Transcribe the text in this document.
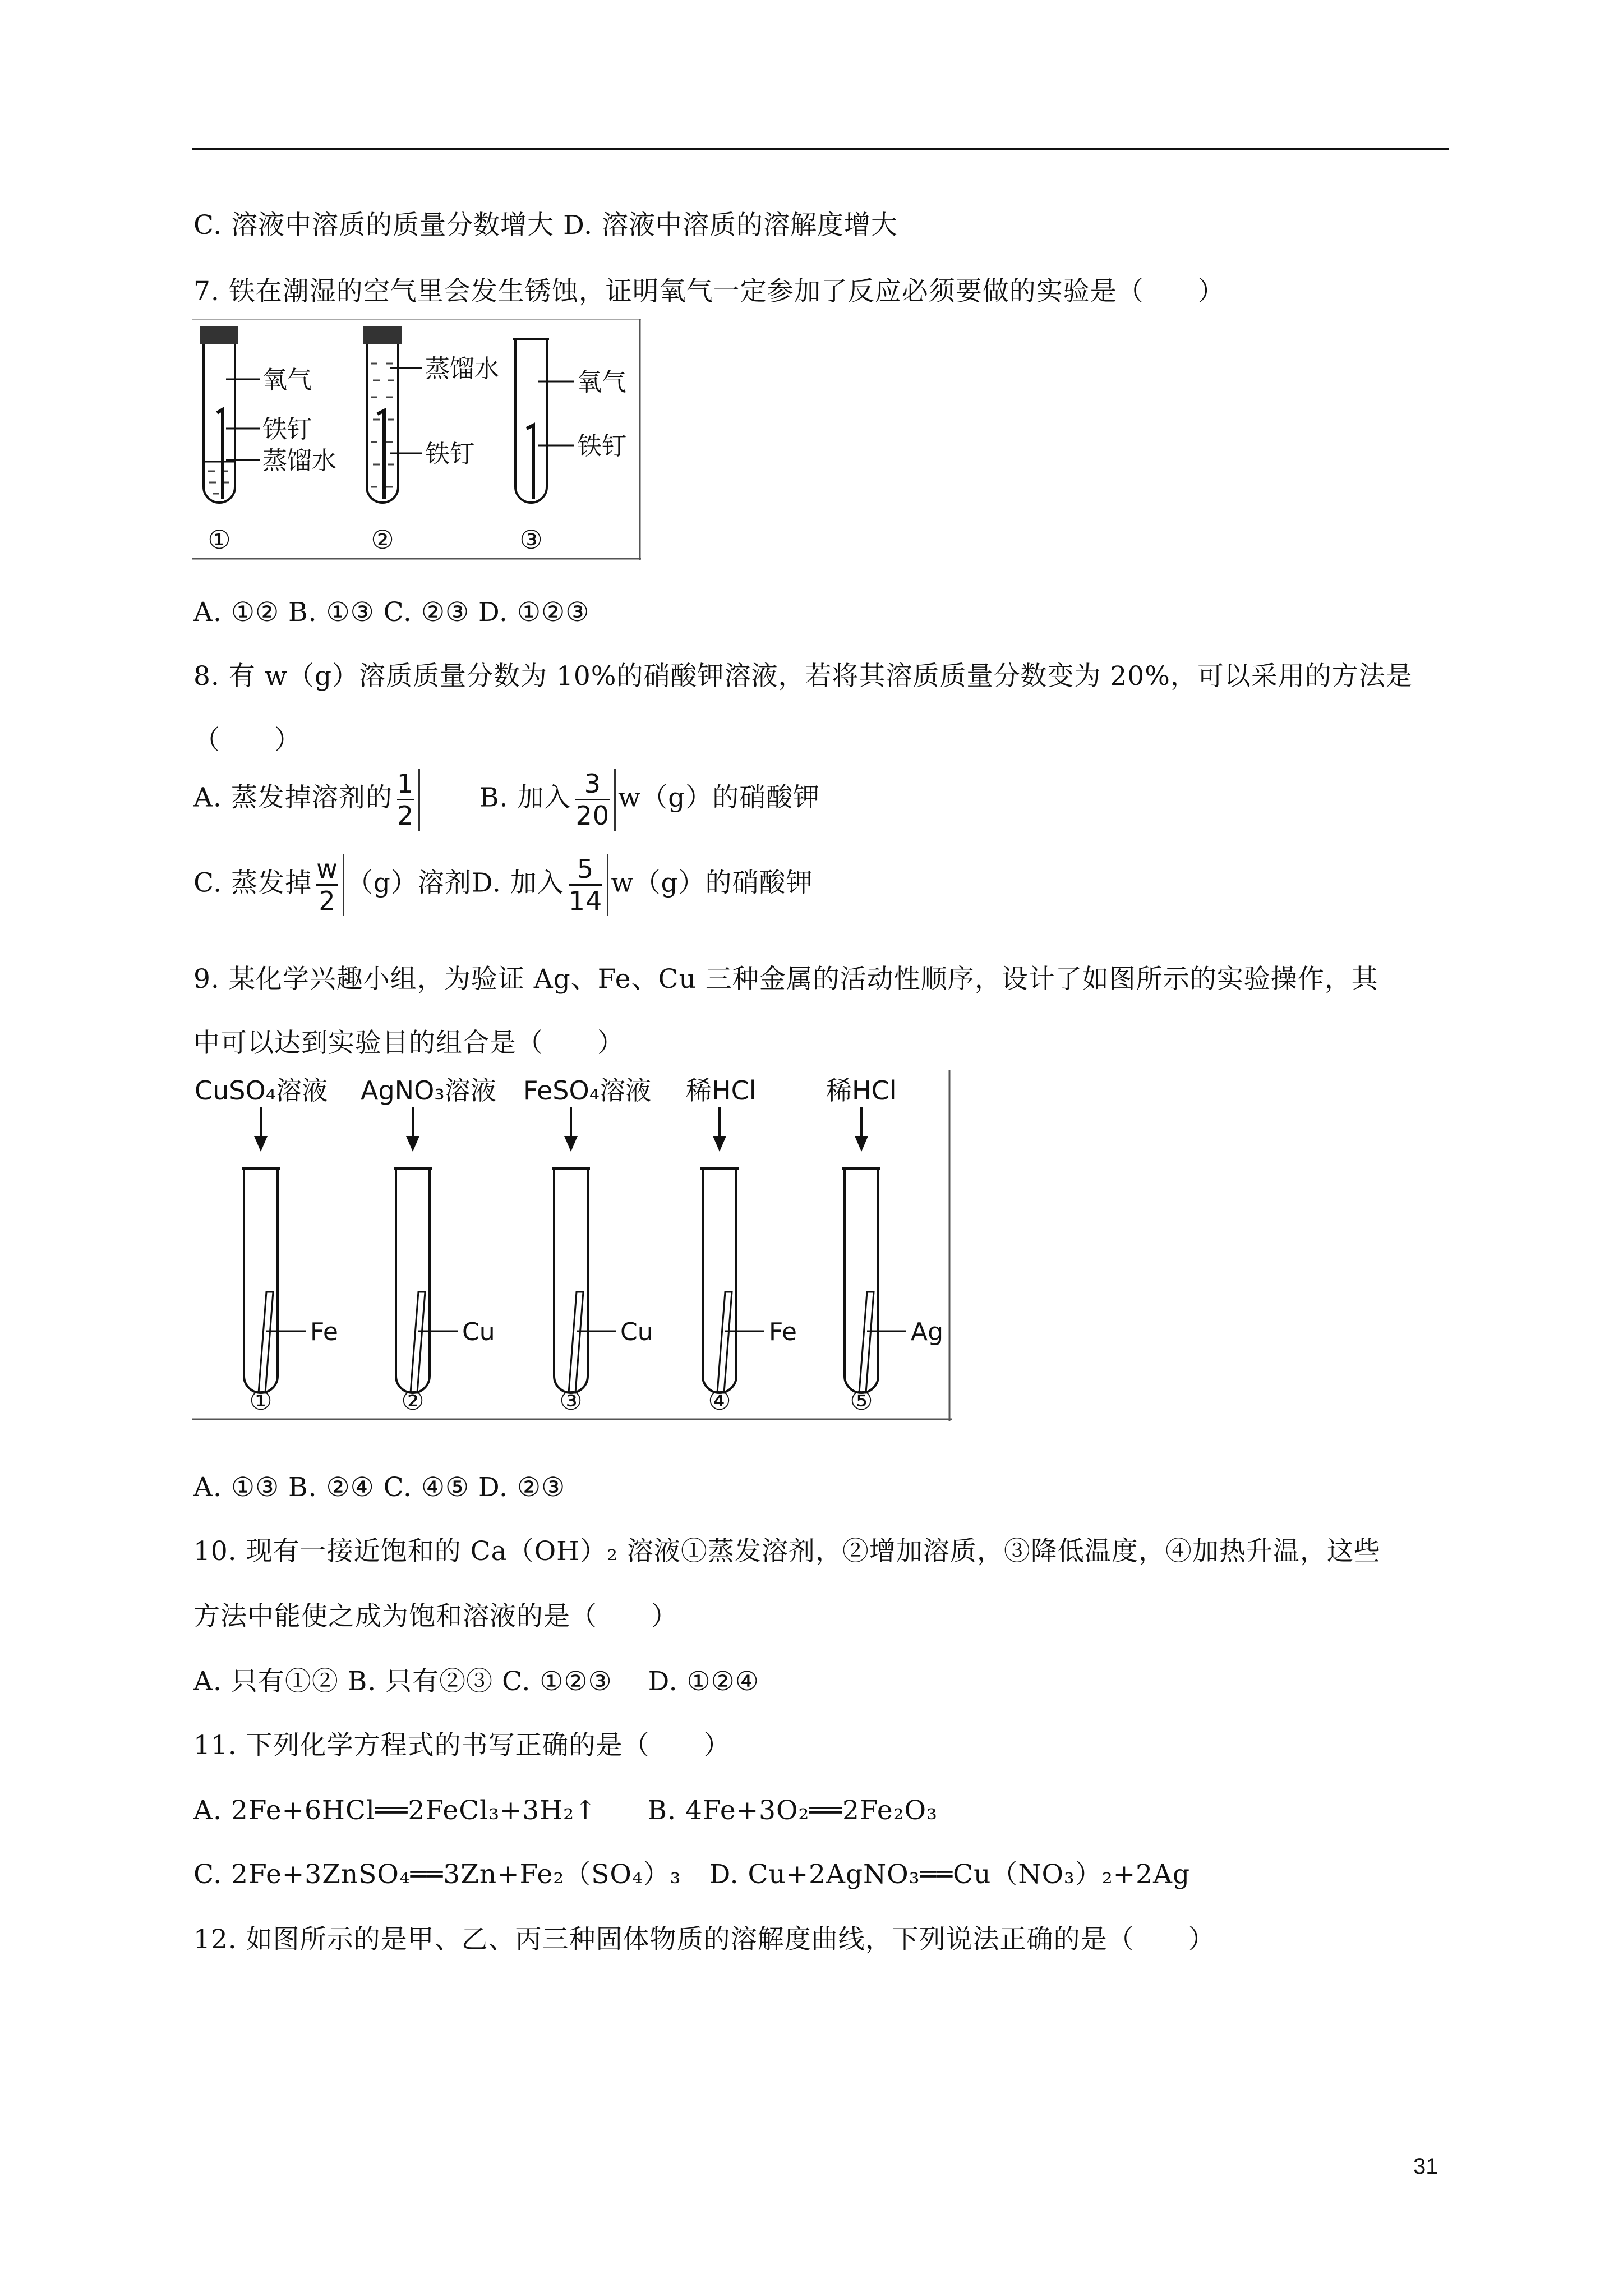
C. 溶液中溶质的质量分数增大 D. 溶液中溶质的溶解度增大
7. 铁在潮湿的空气里会发生锈蚀，证明氧气一定参加了反应必须要做的实验是（　　）
氧气
铁钉
蒸馏水
蒸馏水
铁钉
氧气
铁钉
①	②	③
A. ①② B. ①③ C. ②③ D. ①②③
8. 有 w（g）溶质质量分数为 10%的硝酸钾溶液，若将其溶质质量分数变为 20%，可以采用的方法是
（　　）
A. 蒸发掉溶剂的 $\frac{1}{2} B$. 加入 $\frac{3}{20} w(g)$的硝酸钾
C. 蒸发掉 $\frac{w}{2} (g)$溶剂D. 加入 $\frac{5}{14} w(g)$的硝酸钾
9. 某化学兴趣小组，为验证 Ag、Fe、Cu 三种金属的活动性顺序，设计了如图所示的实验操作，其
中可以达到实验目的组合是（　　）
CuSO₄溶液 AgNO₃溶液 FeSO₄溶液 稀HCl	稀HCl
Fe	Cu	Cu	Fe	Ag
①	②	③	④	⑤
A. ①③ B. ②④ C. ④⑤ D. ②③
10. 现有一接近饱和的 Ca（OH）₂ 溶液①蒸发溶剂，②增加溶质，③降低温度，④加热升温，这些
方法中能使之成为饱和溶液的是（　　）
A. 只有①② B. 只有②③ C. ①②③　 D. ①②④
11. 下列化学方程式的书写正确的是（　　）
A. 2Fe+6HCl══2FeCl₃+3H₂↑ B. 4Fe+3O₂══2Fe₂O₃
C. 2Fe+3ZnSO₄══3Zn+Fe₂（SO₄）₃ D. Cu+2AgNO₃══Cu（NO₃）₂+2Ag
12. 如图所示的是甲、乙、丙三种固体物质的溶解度曲线，下列说法正确的是（　　）
31
